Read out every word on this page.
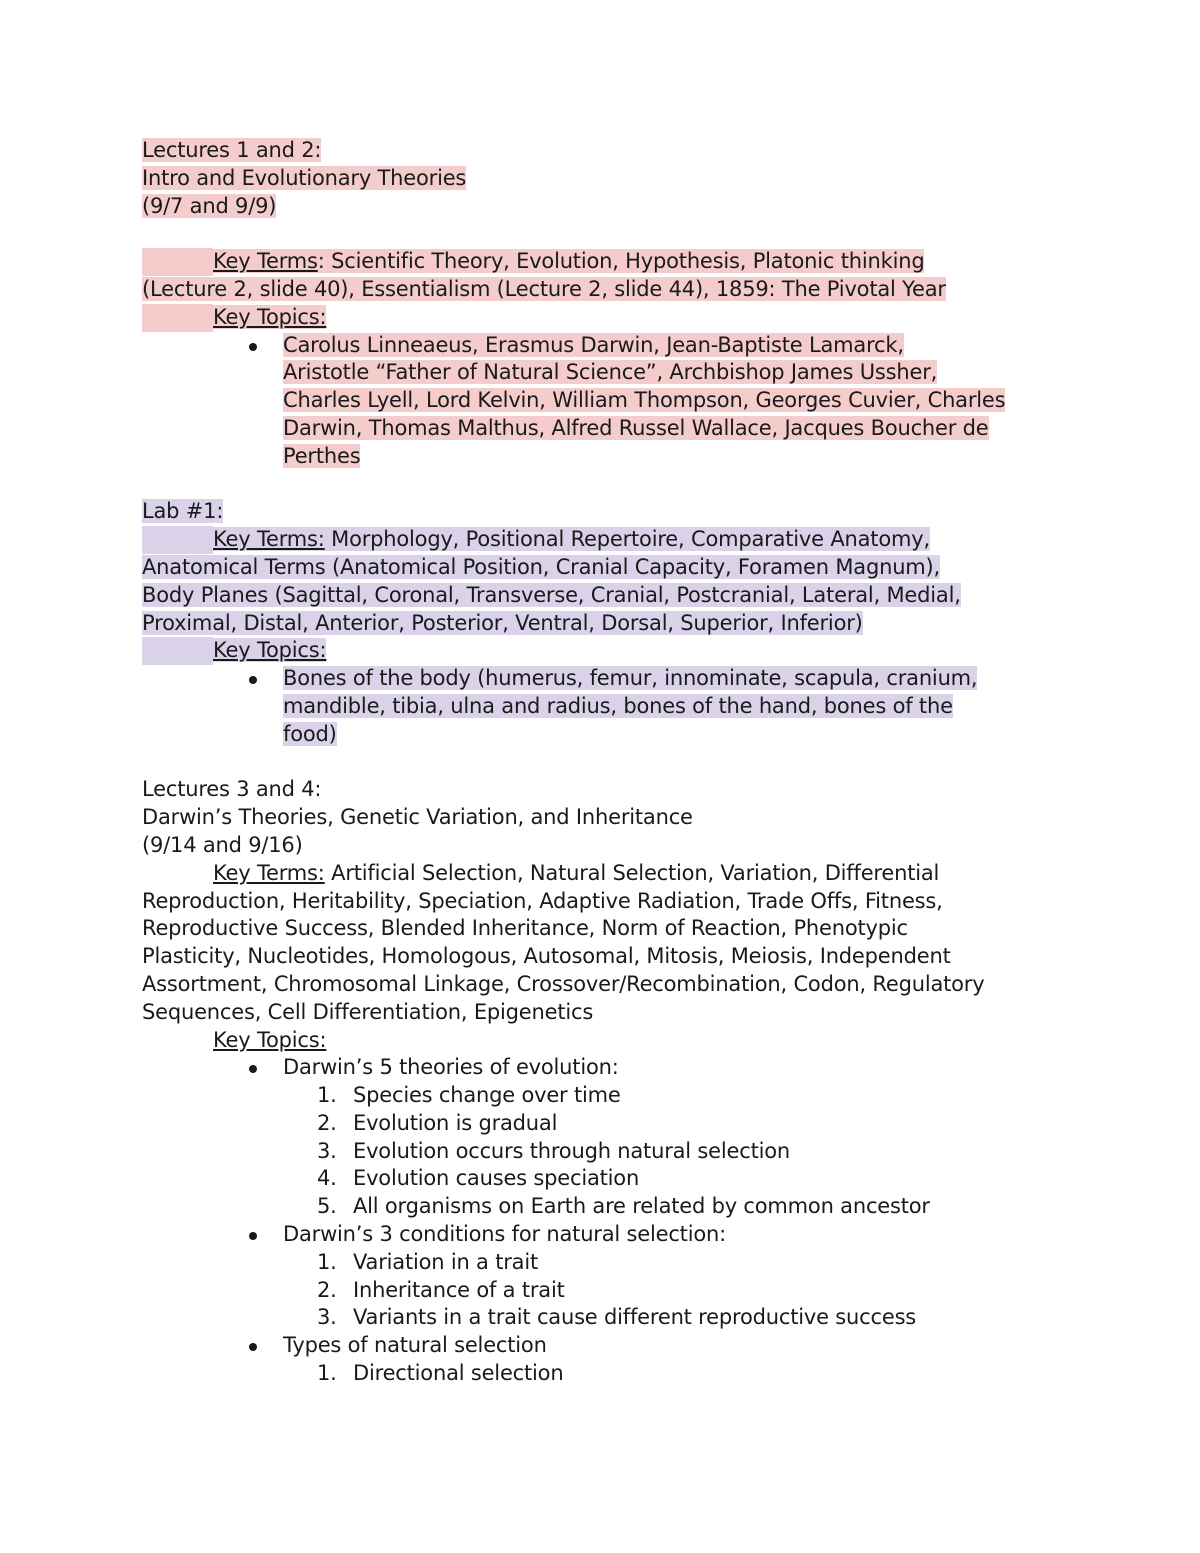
Lectures 1 and 2:
Intro and Evolutionary Theories
(9/7 and 9/9)
Key Terms: Scientific Theory, Evolution, Hypothesis, Platonic thinking
(Lecture 2, slide 40), Essentialism (Lecture 2, slide 44), 1859: The Pivotal Year
Key Topics:
Carolus Linneaeus, Erasmus Darwin, Jean-Baptiste Lamarck,
Aristotle “Father of Natural Science”, Archbishop James Ussher,
Charles Lyell, Lord Kelvin, William Thompson, Georges Cuvier, Charles
Darwin, Thomas Malthus, Alfred Russel Wallace, Jacques Boucher de
Perthes
Lab #1:
Key Terms: Morphology, Positional Repertoire, Comparative Anatomy,
Anatomical Terms (Anatomical Position, Cranial Capacity, Foramen Magnum),
Body Planes (Sagittal, Coronal, Transverse, Cranial, Postcranial, Lateral, Medial,
Proximal, Distal, Anterior, Posterior, Ventral, Dorsal, Superior, Inferior)
Key Topics:
Bones of the body (humerus, femur, innominate, scapula, cranium,
mandible, tibia, ulna and radius, bones of the hand, bones of the
food)
Lectures 3 and 4:
Darwin’s Theories, Genetic Variation, and Inheritance
(9/14 and 9/16)
Key Terms: Artificial Selection, Natural Selection, Variation, Differential
Reproduction, Heritability, Speciation, Adaptive Radiation, Trade Offs, Fitness,
Reproductive Success, Blended Inheritance, Norm of Reaction, Phenotypic
Plasticity, Nucleotides, Homologous, Autosomal, Mitosis, Meiosis, Independent
Assortment, Chromosomal Linkage, Crossover/Recombination, Codon, Regulatory
Sequences, Cell Differentiation, Epigenetics
Key Topics:
Darwin’s 5 theories of evolution:
1. Species change over time
2. Evolution is gradual
3. Evolution occurs through natural selection
4. Evolution causes speciation
5. All organisms on Earth are related by common ancestor
Darwin’s 3 conditions for natural selection:
1. Variation in a trait
2. Inheritance of a trait
3. Variants in a trait cause different reproductive success
Types of natural selection
1. Directional selection
